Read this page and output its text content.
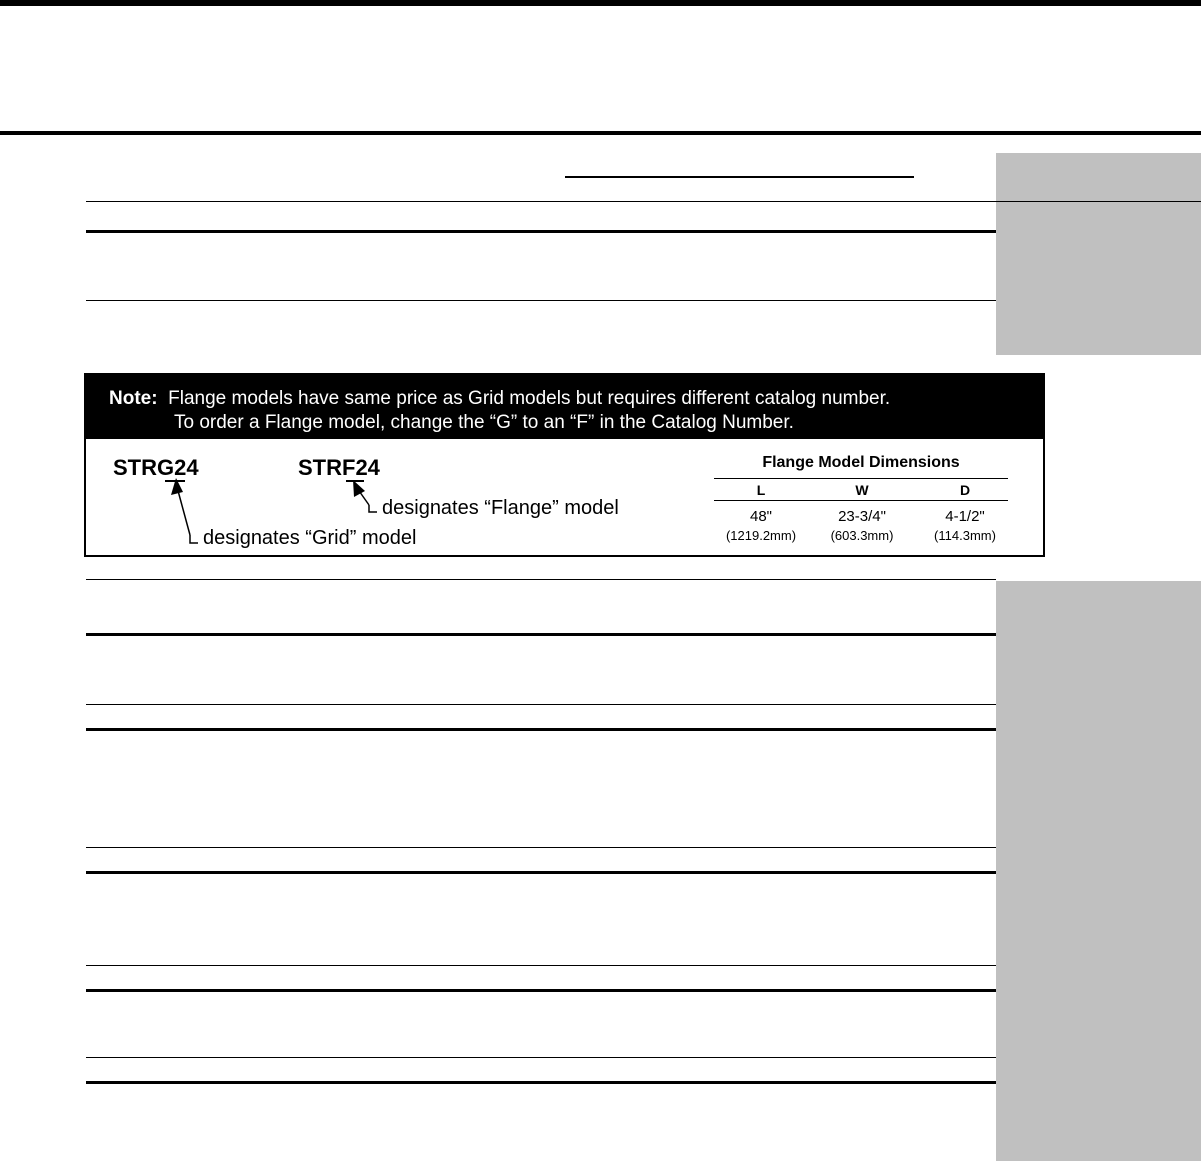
Note: Flange models have same price as Grid models but requires different catalog number.
To order a Flange model, change the “G” to an “F” in the Catalog Number.
STRG24	STRF24
designates “Flange” model
designates “Grid” model
Flange Model Dimensions
L	W	D
48"	23-3/4"	4-1/2"
(1219.2mm)	(603.3mm)	(114.3mm)
